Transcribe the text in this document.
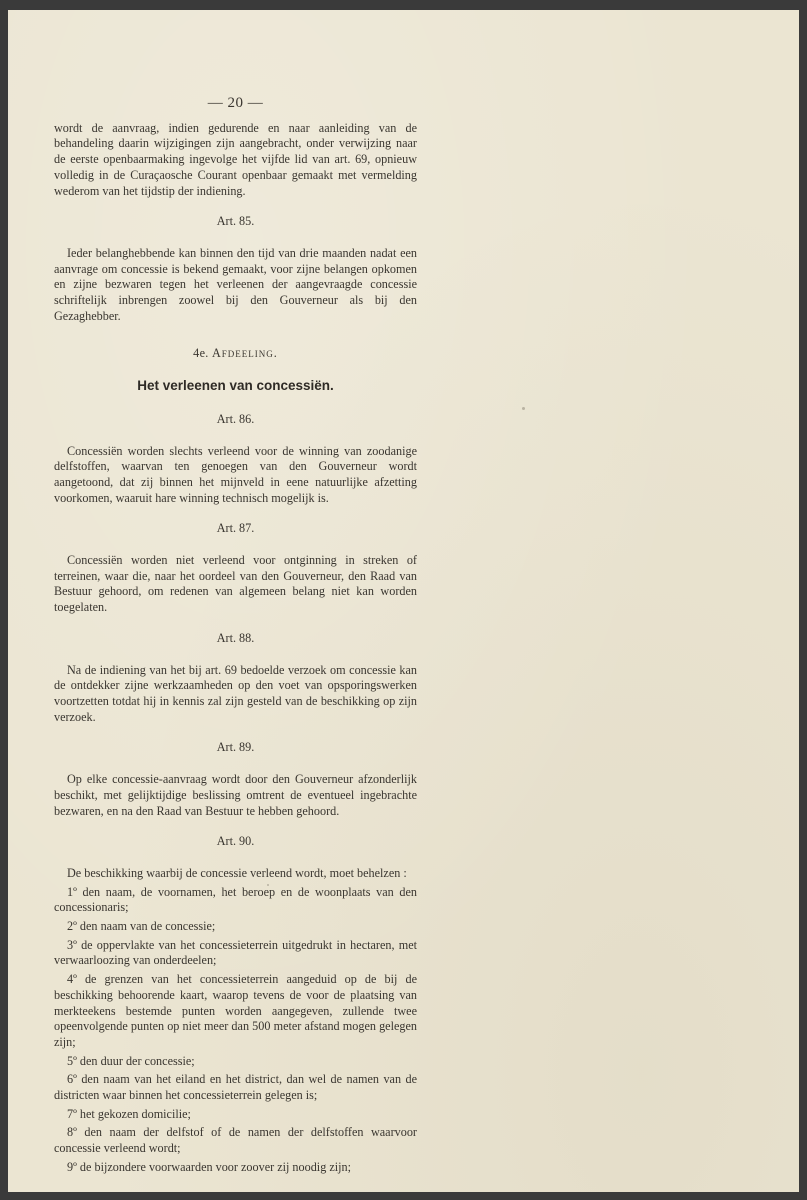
— 20 —

wordt de aanvraag, indien gedurende en naar aanleiding van de behandeling daarin wijzigingen zijn aangebracht, onder verwijzing naar de eerste openbaarmaking ingevolge het vijfde lid van art. 69, opnieuw volledig in de Curaçaosche Courant openbaar gemaakt met vermelding wederom van het tijdstip der indiening.

Art. 85.

Ieder belanghebbende kan binnen den tijd van drie maanden nadat een aanvrage om concessie is bekend gemaakt, voor zijne belangen opkomen en zijne bezwaren tegen het verleenen der aangevraagde concessie schriftelijk inbrengen zoowel bij den Gouverneur als bij den Gezaghebber.

4e. Afdeeling.
Het verleenen van concessiën.
Art. 86.

Concessiën worden slechts verleend voor de winning van zoodanige delfstoffen, waarvan ten genoegen van den Gouverneur wordt aangetoond, dat zij binnen het mijnveld in eene natuurlijke afzetting voorkomen, waaruit hare winning technisch mogelijk is.

Art. 87.

Concessiën worden niet verleend voor ontginning in streken of terreinen, waar die, naar het oordeel van den Gouverneur, den Raad van Bestuur gehoord, om redenen van algemeen belang niet kan worden toegelaten.

Art. 88.

Na de indiening van het bij art. 69 bedoelde verzoek om concessie kan de ontdekker zijne werkzaamheden op den voet van opsporingswerken voortzetten totdat hij in kennis zal zijn gesteld van de beschikking op zijn verzoek.

Art. 89.

Op elke concessie-aanvraag wordt door den Gouverneur afzonderlijk beschikt, met gelijktijdige beslissing omtrent de eventueel ingebrachte bezwaren, en na den Raad van Bestuur te hebben gehoord.

Art. 90.

De beschikking waarbij de concessie verleend wordt, moet behelzen :

1º den naam, de voornamen, het beroep en de woonplaats van den concessionaris;

2º den naam van de concessie;

3º de oppervlakte van het concessieterrein uitgedrukt in hectaren, met verwaarloozing van onderdeelen;

4º de grenzen van het concessieterrein aangeduid op de bij de beschikking behoorende kaart, waarop tevens de voor de plaatsing van merkteekens bestemde punten worden aangegeven, zullende twee opeenvolgende punten op niet meer dan 500 meter afstand mogen gelegen zijn;

5º den duur der concessie;

6º den naam van het eiland en het district, dan wel de namen van de districten waar binnen het concessieterrein gelegen is;

7º het gekozen domicilie;

8º den naam der delfstof of de namen der delfstoffen waarvoor concessie verleend wordt;

9º de bijzondere voorwaarden voor zoover zij noodig zijn;
